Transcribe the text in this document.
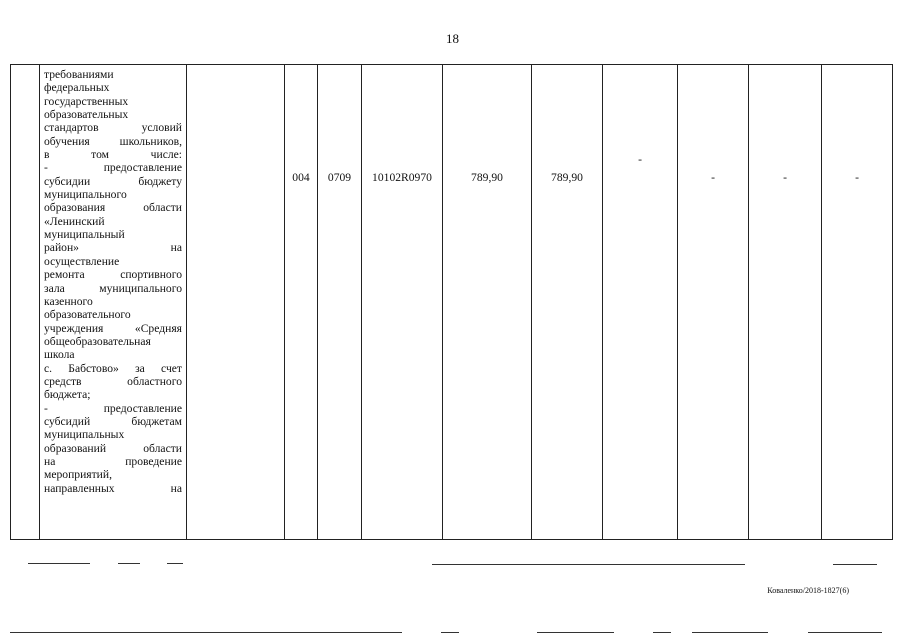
18

требованиями
федеральных
государственных
образовательных
стандартов условий
обучения школьников,
в том числе:
- предоставление
субсидии бюджету
муниципального
образования области
«Ленинский
муниципальный
район» на
осуществление
ремонта спортивного
зала муниципального
казенного
образовательного
учреждения «Средняя
общеобразовательная
школа
с. Бабстово» за счет
средств областного
бюджета;
- предоставление
субсидий бюджетам
муниципальных
образований области
на проведение
мероприятий,
направленных на
		004	0709	10102R0970	789,90	789,90	-	-	-	-
Коваленко/2018-1827(6)
